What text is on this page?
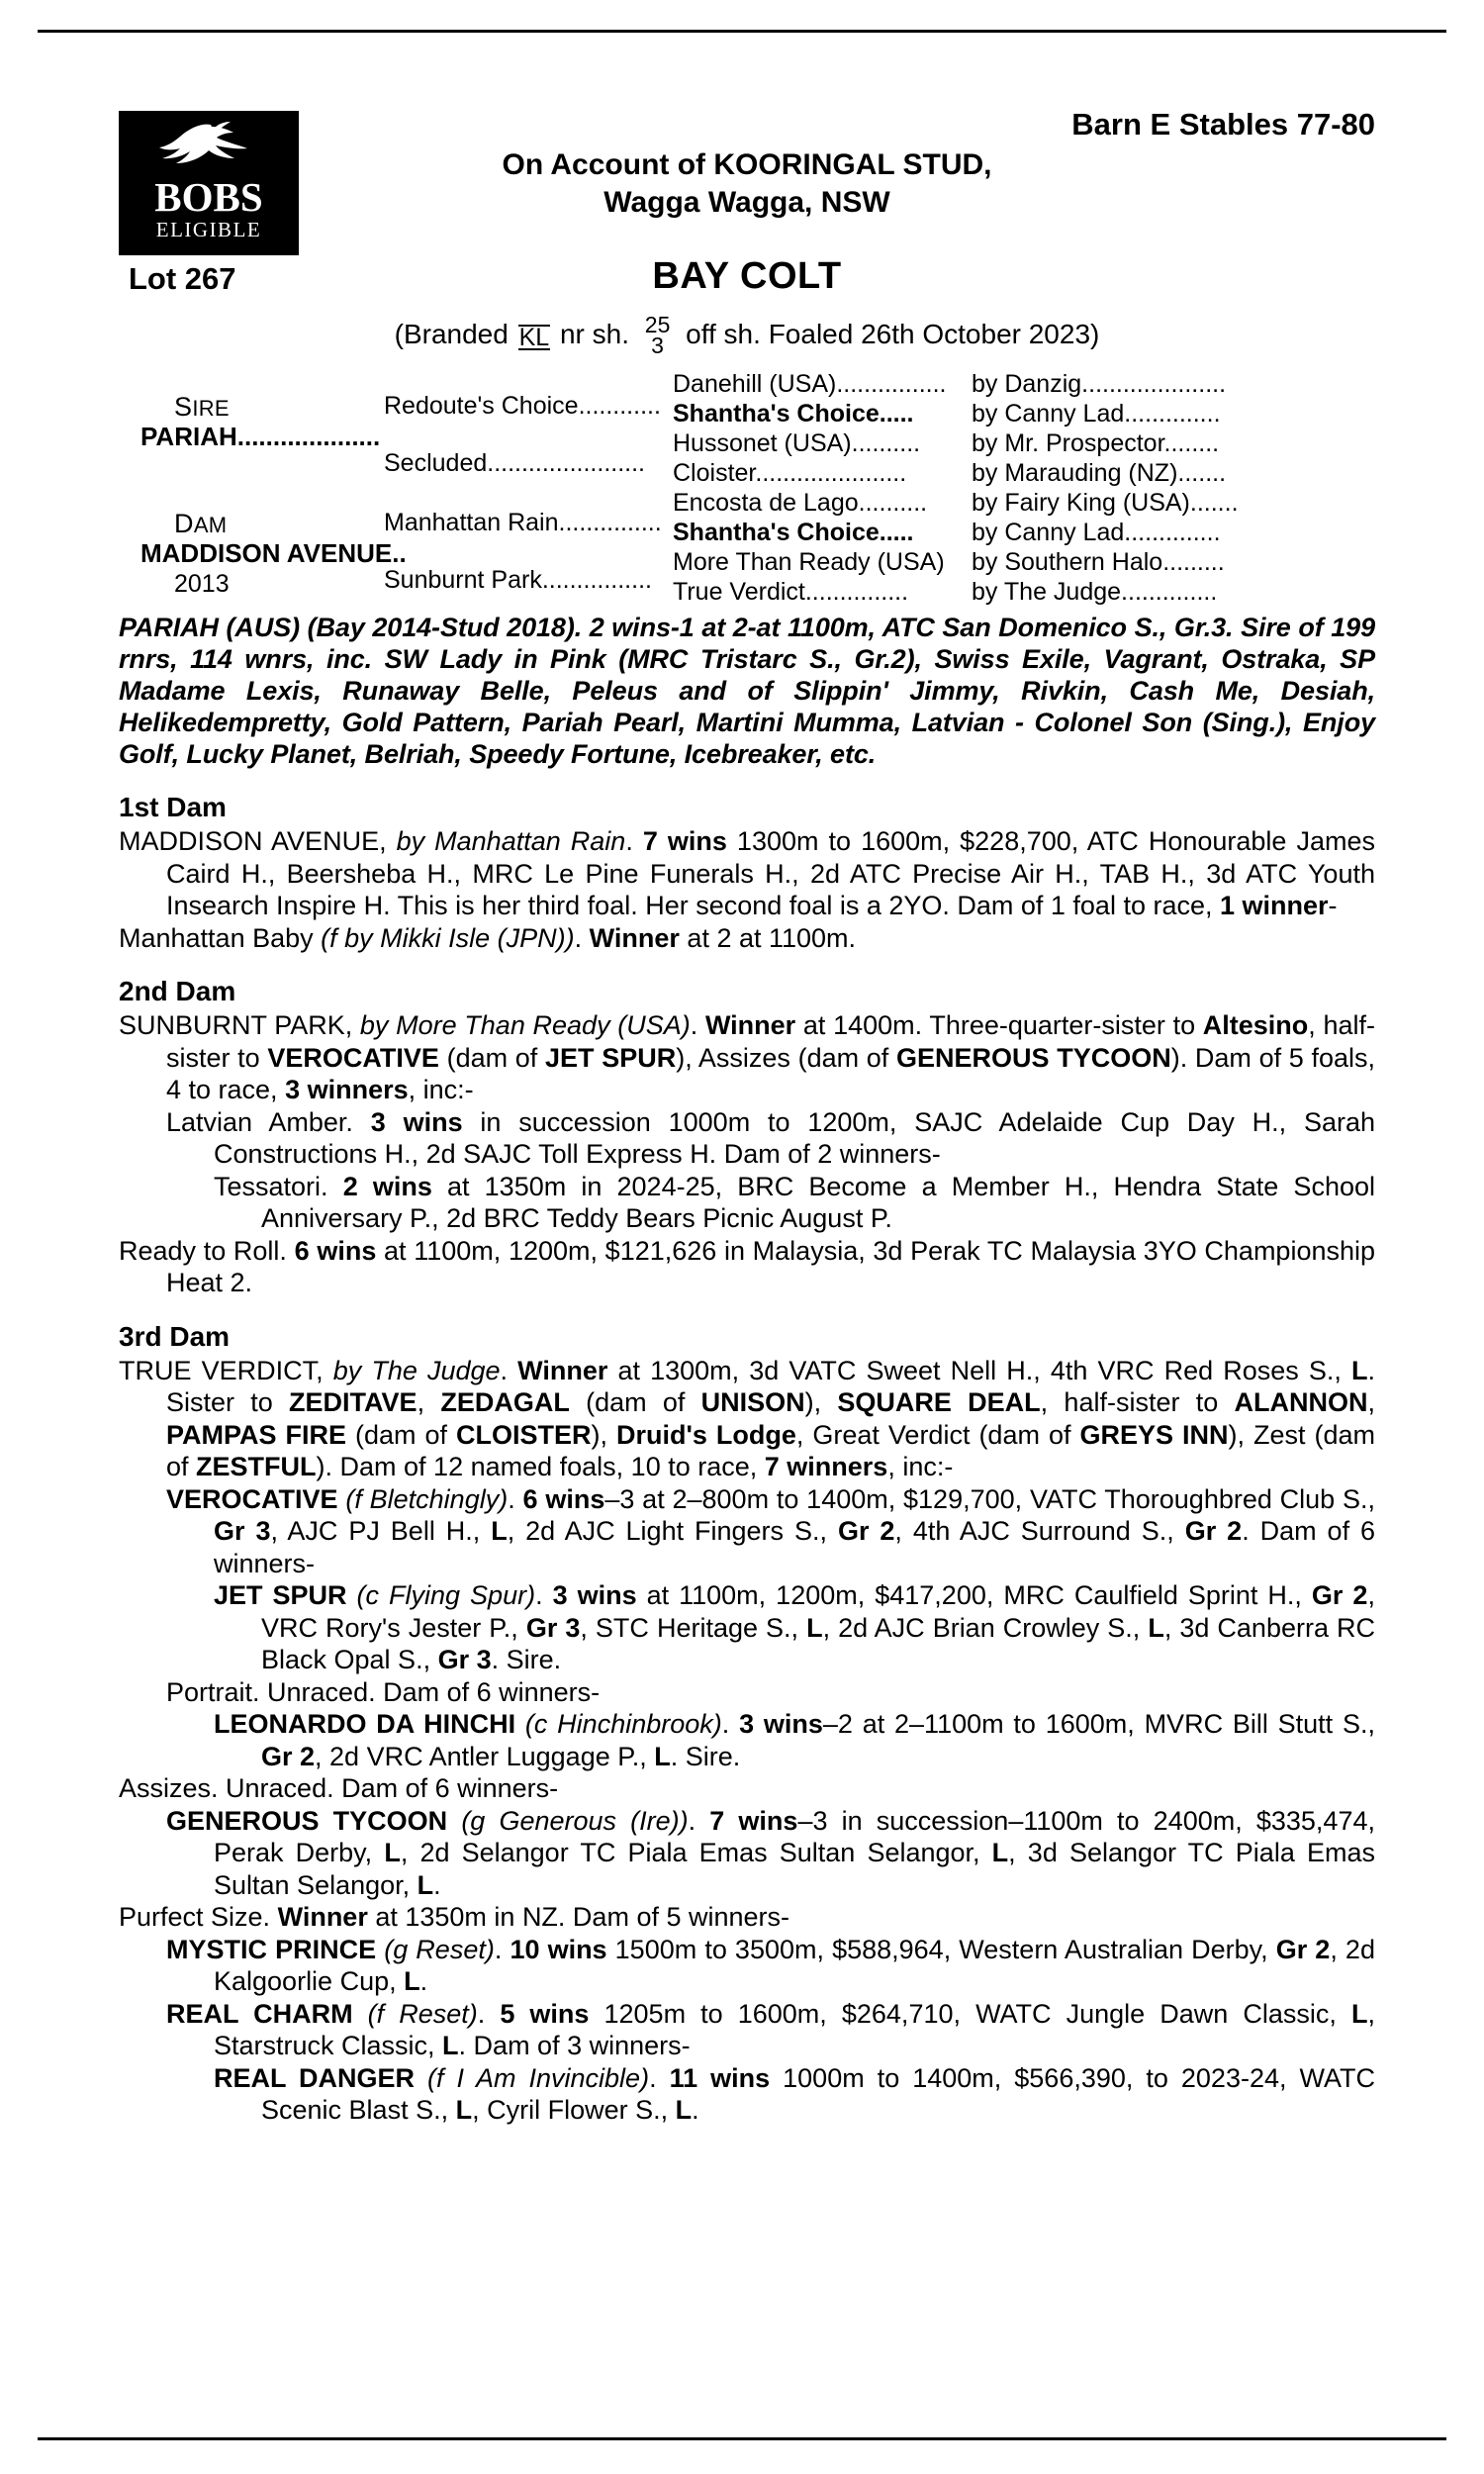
BOBS
ELIGIBLE
Barn E Stables 77-80
On Account of KOORINGAL STUD,
Wagga Wagga, NSW
Lot 267	BAY COLT
(Branded KL nr sh. 25
3 off sh. Foaled 26th October 2023)
SIRE
PARIAH....................
DAM
MADDISON AVENUE..
2013
Redoute's Choice............
Secluded.......................
Manhattan Rain...............
Sunburnt Park................
Danehill (USA)................
Shantha's Choice.....
Hussonet (USA)..........
Cloister......................
Encosta de Lago..........
Shantha's Choice.....
More Than Ready (USA)
True Verdict...............
by Danzig.....................
by Canny Lad..............
by Mr. Prospector........
by Marauding (NZ).......
by Fairy King (USA).......
by Canny Lad..............
by Southern Halo.........
by The Judge..............
PARIAH (AUS) (Bay 2014-Stud 2018). 2 wins-1 at 2-at 1100m, ATC San Domenico S., Gr.3. Sire of 199 rnrs, 114 wnrs, inc. SW Lady in Pink (MRC Tristarc S., Gr.2), Swiss Exile, Vagrant, Ostraka, SP Madame Lexis, Runaway Belle, Peleus and of Slippin' Jimmy, Rivkin, Cash Me, Desiah, Helikedempretty, Gold Pattern, Pariah Pearl, Martini Mumma, Latvian - Colonel Son (Sing.), Enjoy Golf, Lucky Planet, Belriah, Speedy Fortune, Icebreaker, etc.
1st Dam
MADDISON AVENUE, by Manhattan Rain. 7 wins 1300m to 1600m, $228,700, ATC Honourable James Caird H., Beersheba H., MRC Le Pine Funerals H., 2d ATC Precise Air H., TAB H., 3d ATC Youth Insearch Inspire H. This is her third foal. Her second foal is a 2YO. Dam of 1 foal to race, 1 winner-
Manhattan Baby (f by Mikki Isle (JPN)). Winner at 2 at 1100m.
2nd Dam
SUNBURNT PARK, by More Than Ready (USA). Winner at 1400m. Three-quarter-sister to Altesino, half-sister to VEROCATIVE (dam of JET SPUR), Assizes (dam of GENEROUS TYCOON). Dam of 5 foals, 4 to race, 3 winners, inc:-
Latvian Amber. 3 wins in succession 1000m to 1200m, SAJC Adelaide Cup Day H., Sarah Constructions H., 2d SAJC Toll Express H. Dam of 2 winners-
Tessatori. 2 wins at 1350m in 2024-25, BRC Become a Member H., Hendra State School Anniversary P., 2d BRC Teddy Bears Picnic August P.
Ready to Roll. 6 wins at 1100m, 1200m, $121,626 in Malaysia, 3d Perak TC Malaysia 3YO Championship Heat 2.
3rd Dam
TRUE VERDICT, by The Judge. Winner at 1300m, 3d VATC Sweet Nell H., 4th VRC Red Roses S., L. Sister to ZEDITAVE, ZEDAGAL (dam of UNISON), SQUARE DEAL, half-sister to ALANNON, PAMPAS FIRE (dam of CLOISTER), Druid's Lodge, Great Verdict (dam of GREYS INN), Zest (dam of ZESTFUL). Dam of 12 named foals, 10 to race, 7 winners, inc:-
VEROCATIVE (f Bletchingly). 6 wins–3 at 2–800m to 1400m, $129,700, VATC Thoroughbred Club S., Gr 3, AJC PJ Bell H., L, 2d AJC Light Fingers S., Gr 2, 4th AJC Surround S., Gr 2. Dam of 6 winners-
JET SPUR (c Flying Spur). 3 wins at 1100m, 1200m, $417,200, MRC Caulfield Sprint H., Gr 2, VRC Rory's Jester P., Gr 3, STC Heritage S., L, 2d AJC Brian Crowley S., L, 3d Canberra RC Black Opal S., Gr 3. Sire.
Portrait. Unraced. Dam of 6 winners-
LEONARDO DA HINCHI (c Hinchinbrook). 3 wins–2 at 2–1100m to 1600m, MVRC Bill Stutt S., Gr 2, 2d VRC Antler Luggage P., L. Sire.
Assizes. Unraced. Dam of 6 winners-
GENEROUS TYCOON (g Generous (Ire)). 7 wins–3 in succession–1100m to 2400m, $335,474, Perak Derby, L, 2d Selangor TC Piala Emas Sultan Selangor, L, 3d Selangor TC Piala Emas Sultan Selangor, L.
Purfect Size. Winner at 1350m in NZ. Dam of 5 winners-
MYSTIC PRINCE (g Reset). 10 wins 1500m to 3500m, $588,964, Western Australian Derby, Gr 2, 2d Kalgoorlie Cup, L.
REAL CHARM (f Reset). 5 wins 1205m to 1600m, $264,710, WATC Jungle Dawn Classic, L, Starstruck Classic, L. Dam of 3 winners-
REAL DANGER (f I Am Invincible). 11 wins 1000m to 1400m, $566,390, to 2023-24, WATC Scenic Blast S., L, Cyril Flower S., L.
